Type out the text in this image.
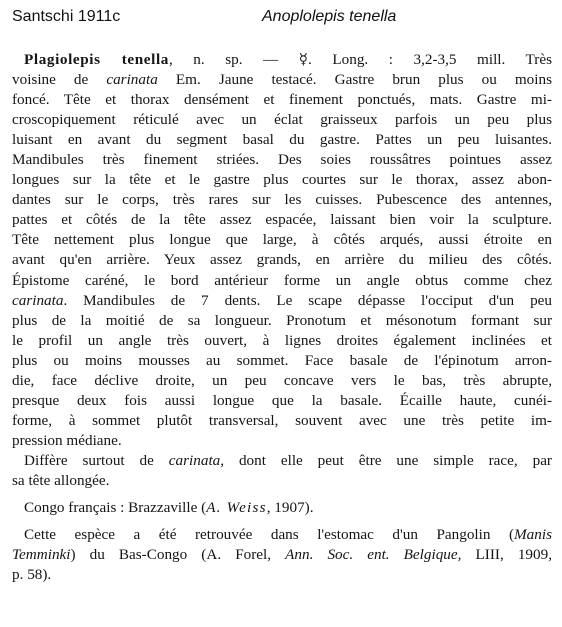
Santschi 1911c	Anoplolepis tenella
Plagiolepis tenella, n. sp. — ☿. Long. : 3,2-3,5 mill. Très
voisine de carinata Em. Jaune testacé. Gastre brun plus ou moins
foncé. Tête et thorax densément et finement ponctués, mats. Gastre mi-
croscopiquement réticulé avec un éclat graisseux parfois un peu plus
luisant en avant du segment basal du gastre. Pattes un peu luisantes.
Mandibules très finement striées. Des soies roussâtres pointues assez
longues sur la tête et le gastre plus courtes sur le thorax, assez abon-
dantes sur le corps, très rares sur les cuisses. Pubescence des antennes,
pattes et côtés de la tête assez espacée, laissant bien voir la sculpture.
Tête nettement plus longue que large, à côtés arqués, aussi étroite en
avant qu'en arrière. Yeux assez grands, en arrière du milieu des côtés.
Épistome caréné, le bord antérieur forme un angle obtus comme chez
carinata. Mandibules de 7 dents. Le scape dépasse l'occiput d'un peu
plus de la moitié de sa longueur. Pronotum et mésonotum formant sur
le profil un angle très ouvert, à lignes droites également inclinées et
plus ou moins mousses au sommet. Face basale de l'épinotum arron-
die, face déclive droite, un peu concave vers le bas, très abrupte,
presque deux fois aussi longue que la basale. Écaille haute, cunéi-
forme, à sommet plutôt transversal, souvent avec une très petite im-
pression médiane.
Diffère surtout de carinata, dont elle peut être une simple race, par
sa tête allongée.
Congo français : Brazzaville (A. Weiss, 1907).
Cette espèce a été retrouvée dans l'estomac d'un Pangolin (Manis
Temminki) du Bas-Congo (A. Forel, Ann. Soc. ent. Belgique, LIII, 1909,
p. 58).
